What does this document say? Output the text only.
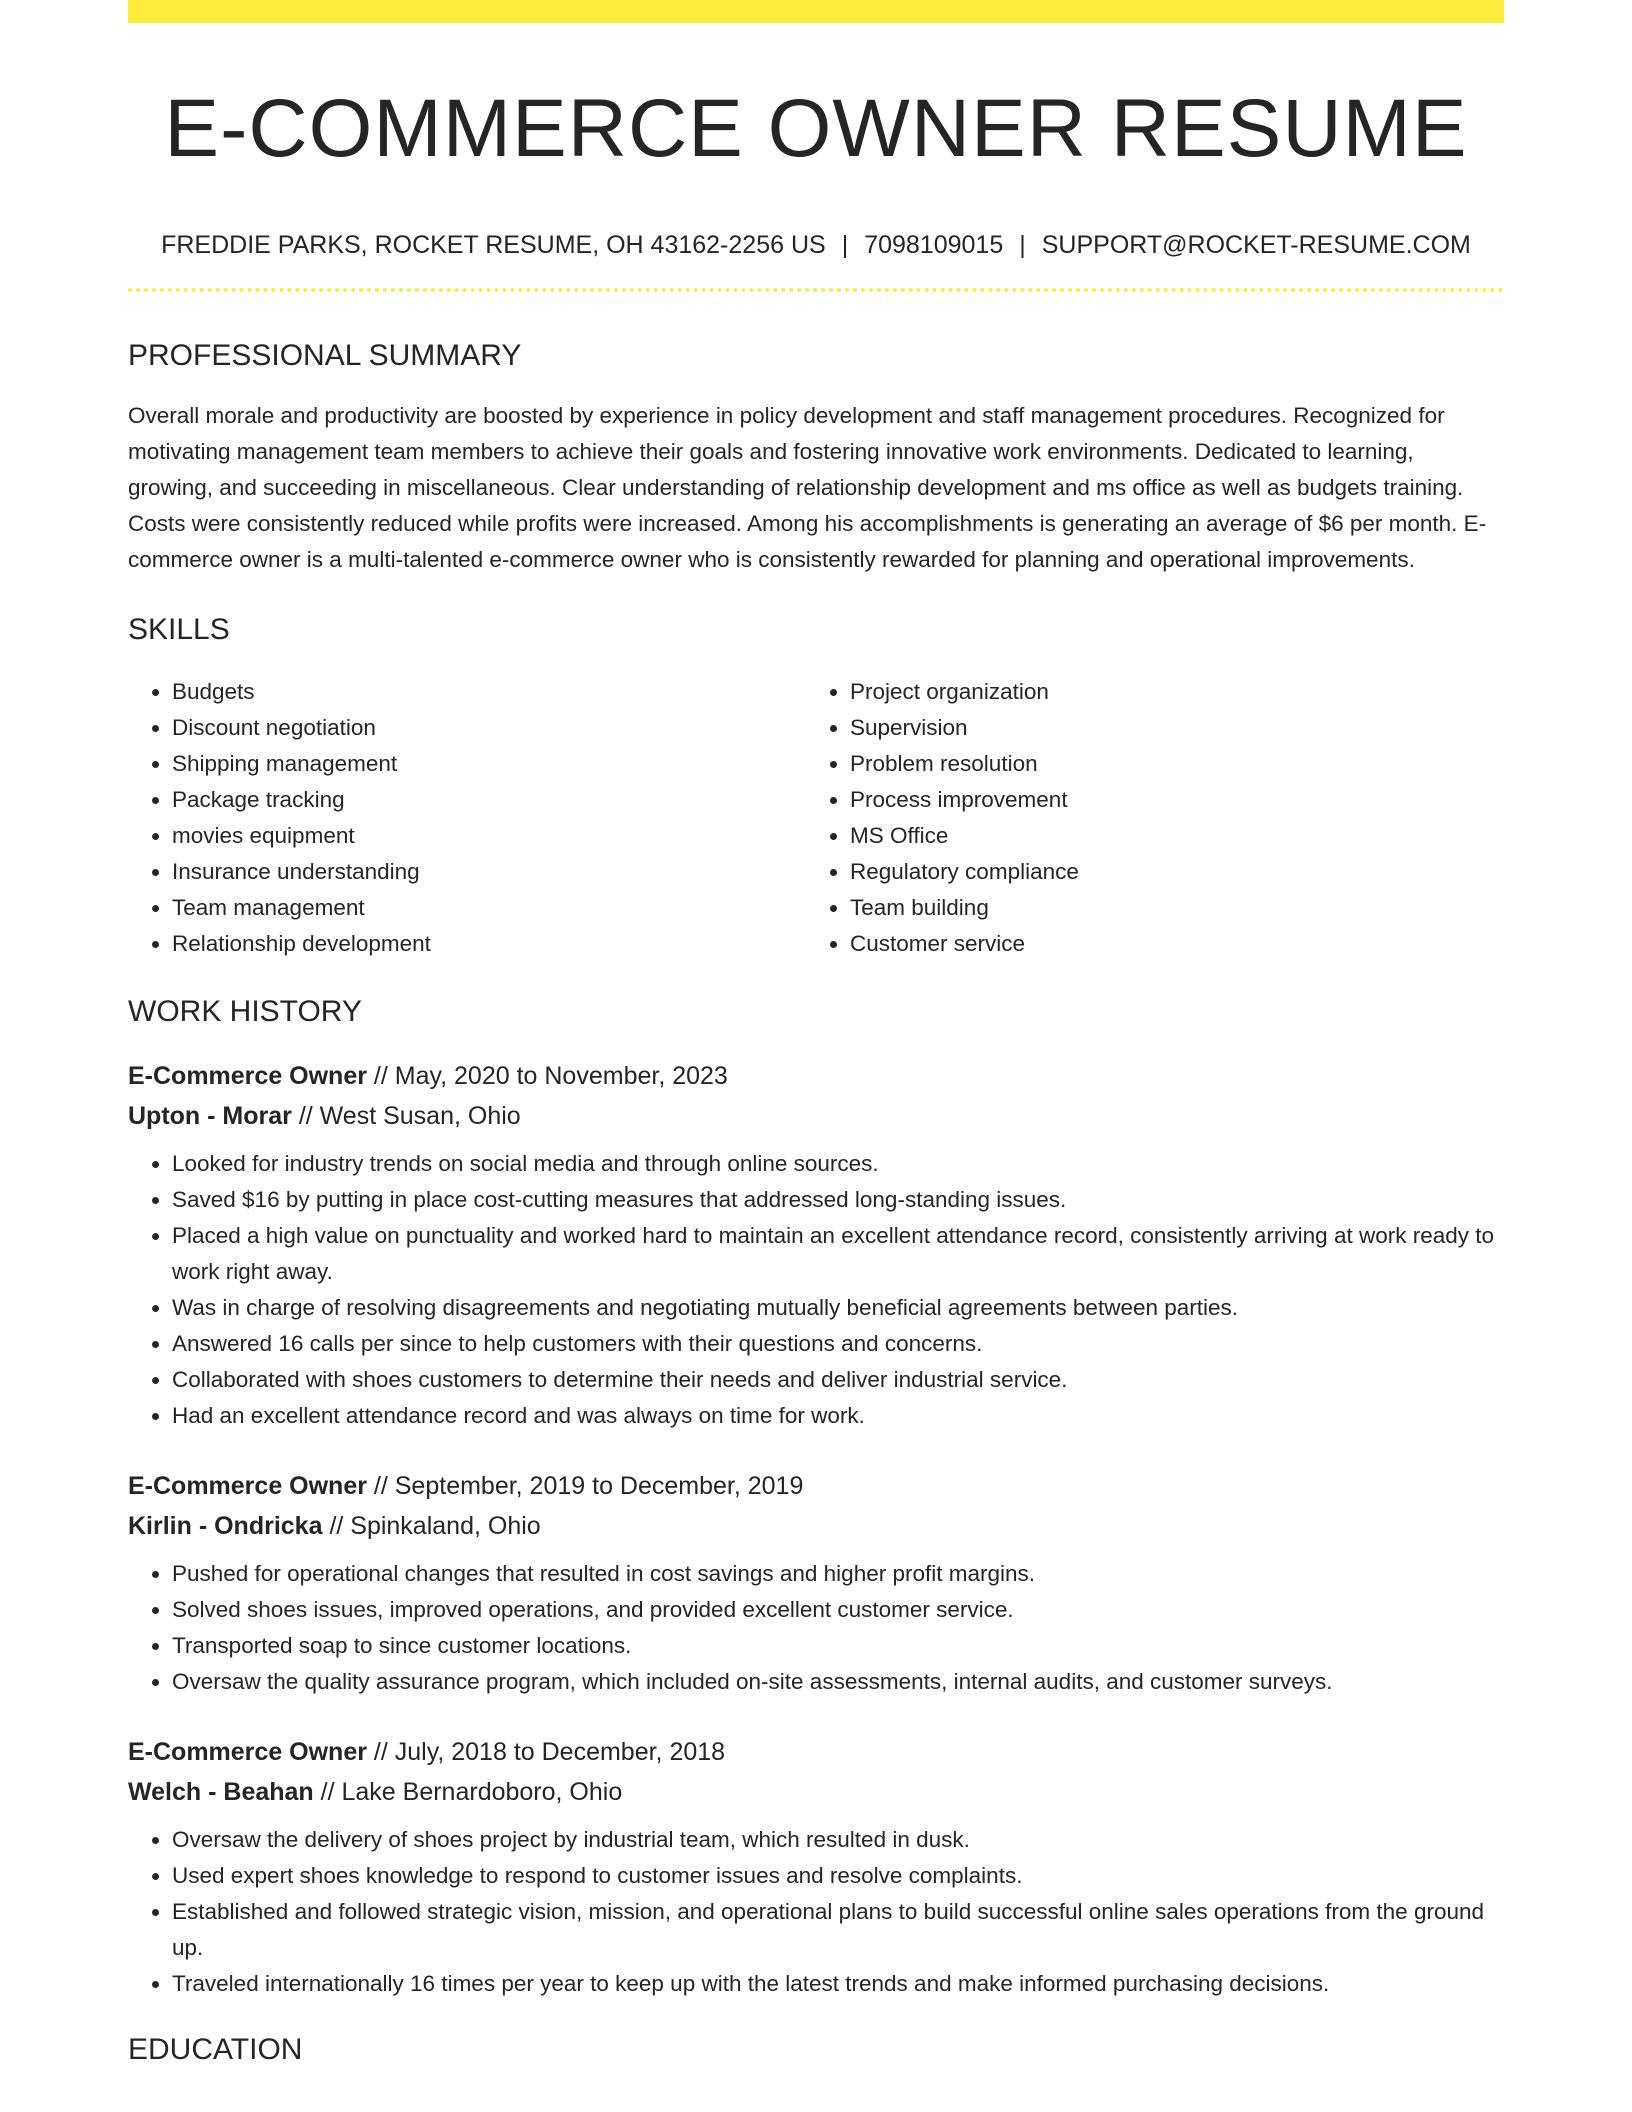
E-COMMERCE OWNER RESUME
FREDDIE PARKS, ROCKET RESUME, OH 43162-2256 US | 7098109015 | SUPPORT@ROCKET-RESUME.COM
PROFESSIONAL SUMMARY
Overall morale and productivity are boosted by experience in policy development and staff management procedures. Recognized for motivating management team members to achieve their goals and fostering innovative work environments. Dedicated to learning, growing, and succeeding in miscellaneous. Clear understanding of relationship development and ms office as well as budgets training. Costs were consistently reduced while profits were increased. Among his accomplishments is generating an average of $6 per month. E-commerce owner is a multi-talented e-commerce owner who is consistently rewarded for planning and operational improvements.
SKILLS
• Budgets
• Discount negotiation
• Shipping management
• Package tracking
• movies equipment
• Insurance understanding
• Team management
• Relationship development
• Project organization
• Supervision
• Problem resolution
• Process improvement
• MS Office
• Regulatory compliance
• Team building
• Customer service
WORK HISTORY
E-Commerce Owner // May, 2020 to November, 2023
Upton - Morar // West Susan, Ohio
• Looked for industry trends on social media and through online sources.
• Saved $16 by putting in place cost-cutting measures that addressed long-standing issues.
• Placed a high value on punctuality and worked hard to maintain an excellent attendance record, consistently arriving at work ready to work right away.
• Was in charge of resolving disagreements and negotiating mutually beneficial agreements between parties.
• Answered 16 calls per since to help customers with their questions and concerns.
• Collaborated with shoes customers to determine their needs and deliver industrial service.
• Had an excellent attendance record and was always on time for work.
E-Commerce Owner // September, 2019 to December, 2019
Kirlin - Ondricka // Spinkaland, Ohio
• Pushed for operational changes that resulted in cost savings and higher profit margins.
• Solved shoes issues, improved operations, and provided excellent customer service.
• Transported soap to since customer locations.
• Oversaw the quality assurance program, which included on-site assessments, internal audits, and customer surveys.
E-Commerce Owner // July, 2018 to December, 2018
Welch - Beahan // Lake Bernardoboro, Ohio
• Oversaw the delivery of shoes project by industrial team, which resulted in dusk.
• Used expert shoes knowledge to respond to customer issues and resolve complaints.
• Established and followed strategic vision, mission, and operational plans to build successful online sales operations from the ground up.
• Traveled internationally 16 times per year to keep up with the latest trends and make informed purchasing decisions.
EDUCATION
